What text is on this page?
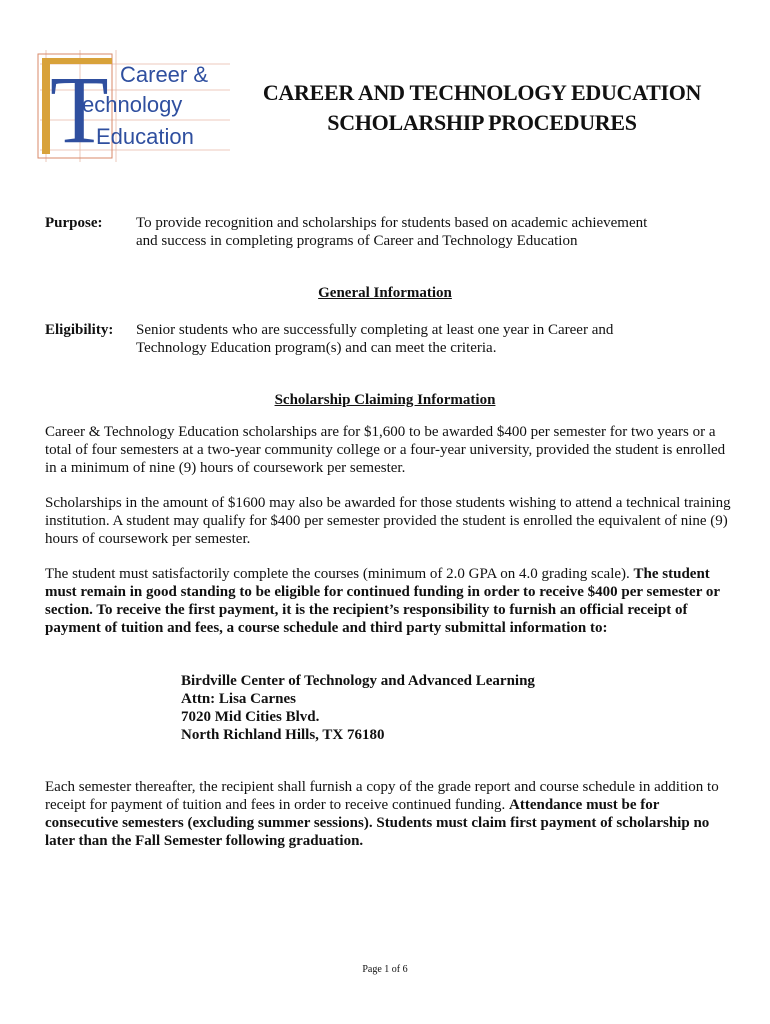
T Career &
echnology
Education
CAREER AND TECHNOLOGY EDUCATION
SCHOLARSHIP PROCEDURES
Purpose: To provide recognition and scholarships for students based on academic achievement
and success in completing programs of Career and Technology Education
General Information
Eligibility: Senior students who are successfully completing at least one year in Career and
Technology Education program(s) and can meet the criteria.
Scholarship Claiming Information
Career & Technology Education scholarships are for $1,600 to be awarded $400 per semester for two years or a total of four semesters at a two-year community college or a four-year university, provided the student is enrolled in a minimum of nine (9) hours of coursework per semester.
Scholarships in the amount of $1600 may also be awarded for those students wishing to attend a technical training institution. A student may qualify for $400 per semester provided the student is enrolled the equivalent of nine (9) hours of coursework per semester.
The student must satisfactorily complete the courses (minimum of 2.0 GPA on 4.0 grading scale). The student must remain in good standing to be eligible for continued funding in order to receive $400 per semester or section. To receive the first payment, it is the recipient’s responsibility to furnish an official receipt of payment of tuition and fees, a course schedule and third party submittal information to:
Birdville Center of Technology and Advanced Learning
Attn: Lisa Carnes
7020 Mid Cities Blvd.
North Richland Hills, TX 76180
Each semester thereafter, the recipient shall furnish a copy of the grade report and course schedule in addition to receipt for payment of tuition and fees in order to receive continued funding. Attendance must be for consecutive semesters (excluding summer sessions). Students must claim first payment of scholarship no later than the Fall Semester following graduation.
Page 1 of 6
